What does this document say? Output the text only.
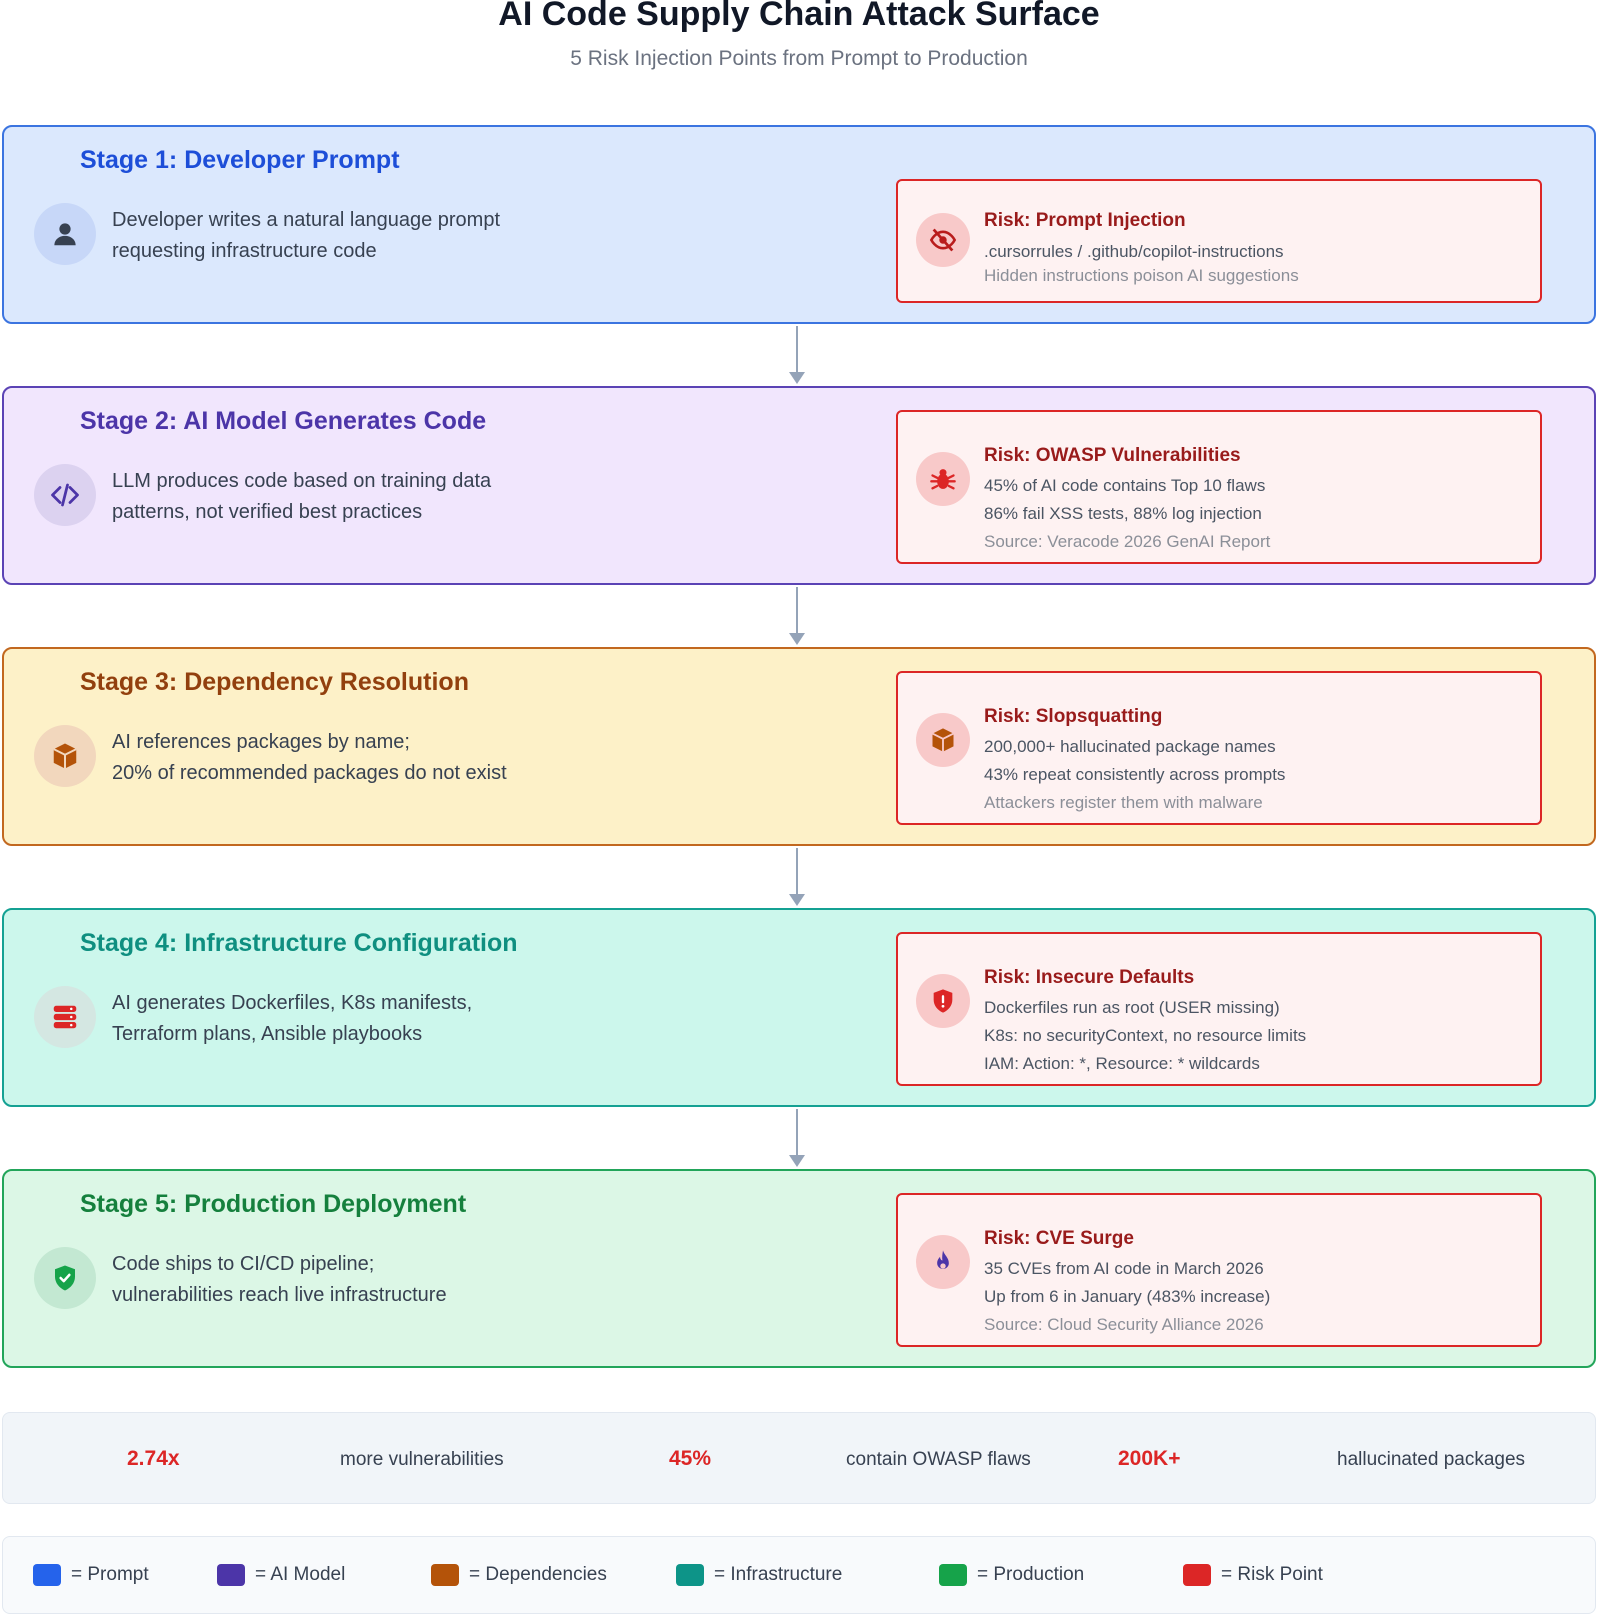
AI Code Supply Chain Attack Surface
5 Risk Injection Points from Prompt to Production
Stage 1: Developer Prompt
Developer writes a natural language prompt
requesting infrastructure code
Risk: Prompt Injection
.cursorrules / .github/copilot-instructions
Hidden instructions poison AI suggestions
Stage 2: AI Model Generates Code
LLM produces code based on training data
patterns, not verified best practices
Risk: OWASP Vulnerabilities
45% of AI code contains Top 10 flaws
86% fail XSS tests, 88% log injection
Source: Veracode 2026 GenAI Report
Stage 3: Dependency Resolution
AI references packages by name;
20% of recommended packages do not exist
Risk: Slopsquatting
200,000+ hallucinated package names
43% repeat consistently across prompts
Attackers register them with malware
Stage 4: Infrastructure Configuration
AI generates Dockerfiles, K8s manifests,
Terraform plans, Ansible playbooks
Risk: Insecure Defaults
Dockerfiles run as root (USER missing)
K8s: no securityContext, no resource limits
IAM: Action: *, Resource: * wildcards
Stage 5: Production Deployment
Code ships to CI/CD pipeline;
vulnerabilities reach live infrastructure
Risk: CVE Surge
35 CVEs from AI code in March 2026
Up from 6 in January (483% increase)
Source: Cloud Security Alliance 2026
2.74x	more vulnerabilities	45%	contain OWASP flaws	200K+	hallucinated packages
= Prompt	= AI Model	= Dependencies	= Infrastructure	= Production	= Risk Point
